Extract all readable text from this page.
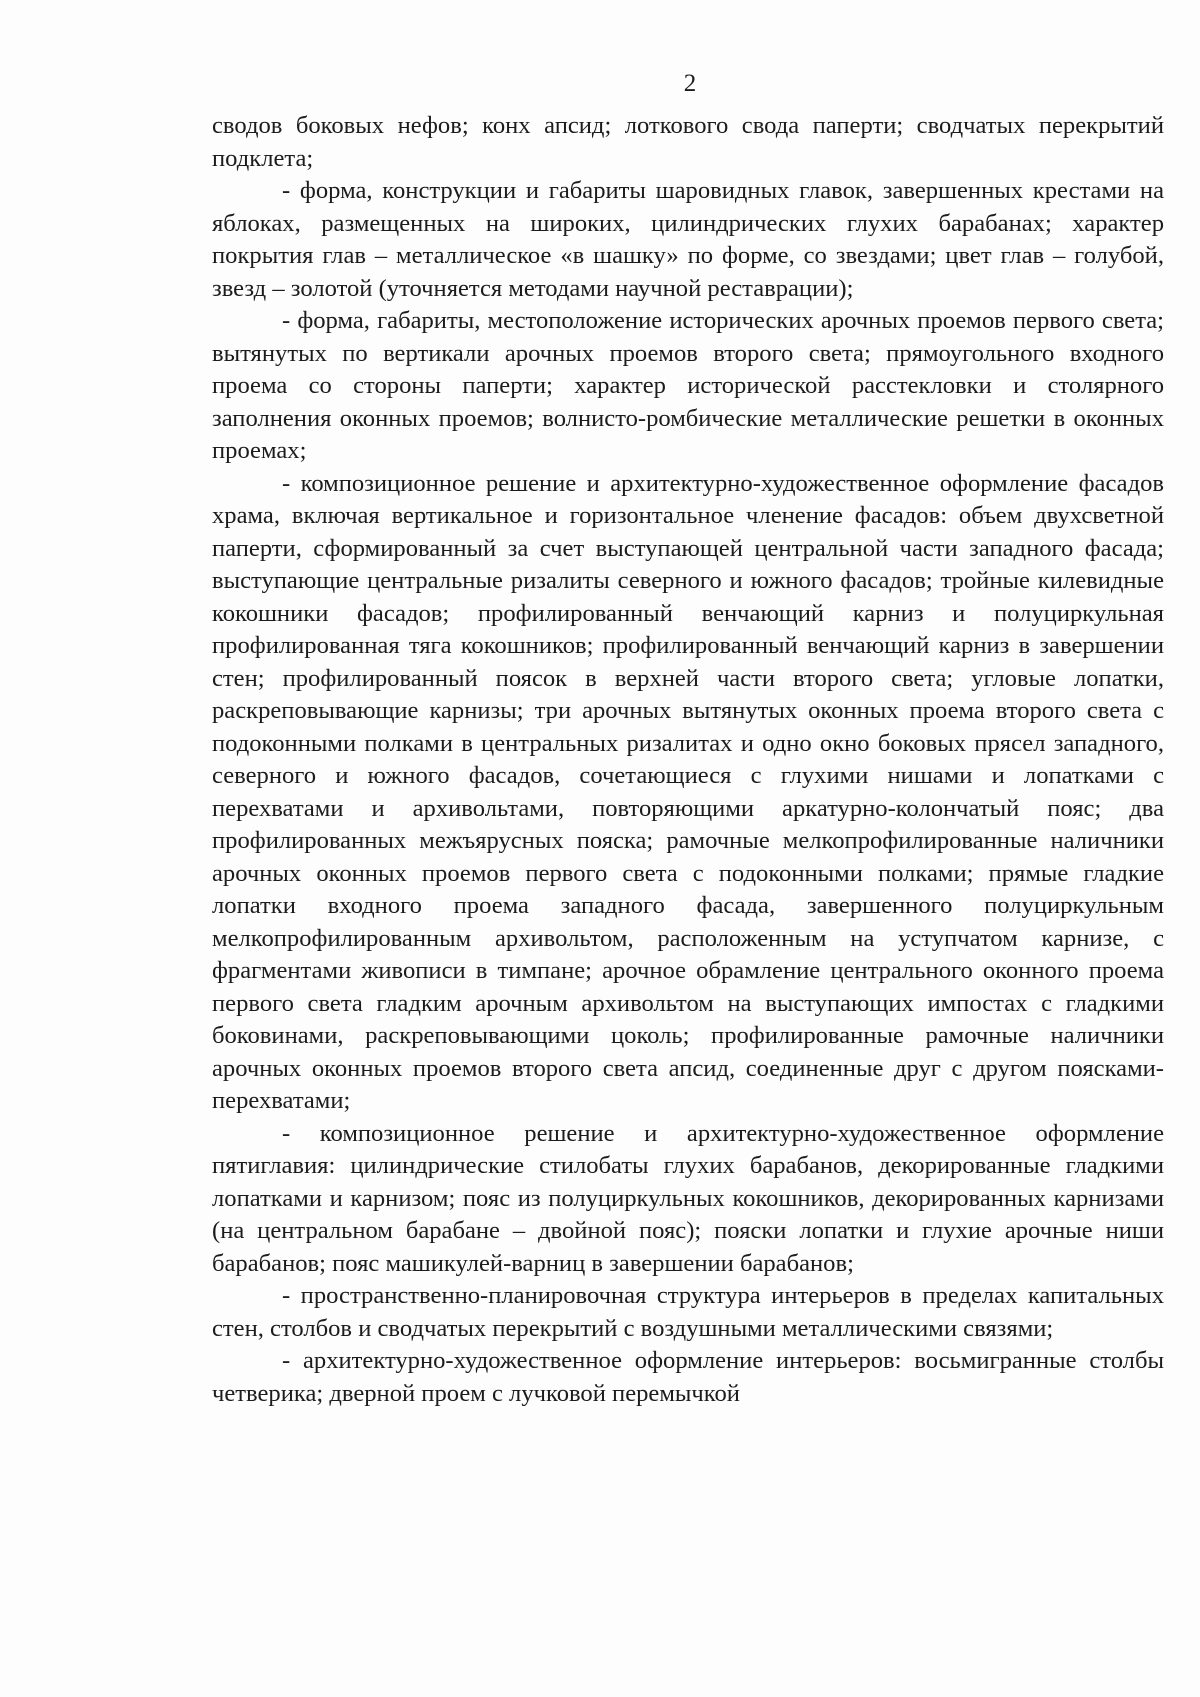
2

сводов боковых нефов; конх апсид; лоткового свода паперти; сводчатых перекрытий подклета;

- форма, конструкции и габариты шаровидных главок, завершенных крестами на яблоках, размещенных на широких, цилиндрических глухих барабанах; характер покрытия глав – металлическое «в шашку» по форме, со звездами; цвет глав – голубой, звезд – золотой (уточняется методами научной реставрации);

- форма, габариты, местоположение исторических арочных проемов первого света; вытянутых по вертикали арочных проемов второго света; прямоугольного входного проема со стороны паперти; характер исторической расстекловки и столярного заполнения оконных проемов; волнисто-ромбические металлические решетки в оконных проемах;

- композиционное решение и архитектурно-художественное оформление фасадов храма, включая вертикальное и горизонтальное членение фасадов: объем двухсветной паперти, сформированный за счет выступающей центральной части западного фасада; выступающие центральные ризалиты северного и южного фасадов; тройные килевидные кокошники фасадов; профилированный венчающий карниз и полуциркульная профилированная тяга кокошников; профилированный венчающий карниз в завершении стен; профилированный поясок в верхней части второго света; угловые лопатки, раскреповывающие карнизы; три арочных вытянутых оконных проема второго света с подоконными полками в центральных ризалитах и одно окно боковых прясел западного, северного и южного фасадов, сочетающиеся с глухими нишами и лопатками с перехватами и архивольтами, повторяющими аркатурно-колончатый пояс; два профилированных межъярусных пояска; рамочные мелкопрофилированные наличники арочных оконных проемов первого света с подоконными полками; прямые гладкие лопатки входного проема западного фасада, завершенного полуциркульным мелкопрофилированным архивольтом, расположенным на уступчатом карнизе, с фрагментами живописи в тимпане; арочное обрамление центрального оконного проема первого света гладким арочным архивольтом на выступающих импостах с гладкими боковинами, раскреповывающими цоколь; профилированные рамочные наличники арочных оконных проемов второго света апсид, соединенные друг с другом поясками-перехватами;

- композиционное решение и архитектурно-художественное оформление пятиглавия: цилиндрические стилобаты глухих барабанов, декорированные гладкими лопатками и карнизом; пояс из полуциркульных кокошников, декорированных карнизами (на центральном барабане – двойной пояс); пояски лопатки и глухие арочные ниши барабанов; пояс машикулей-варниц в завершении барабанов;

- пространственно-планировочная структура интерьеров в пределах капитальных стен, столбов и сводчатых перекрытий с воздушными металлическими связями;

- архитектурно-художественное оформление интерьеров: восьмигранные столбы четверика; дверной проем с лучковой перемычкой
